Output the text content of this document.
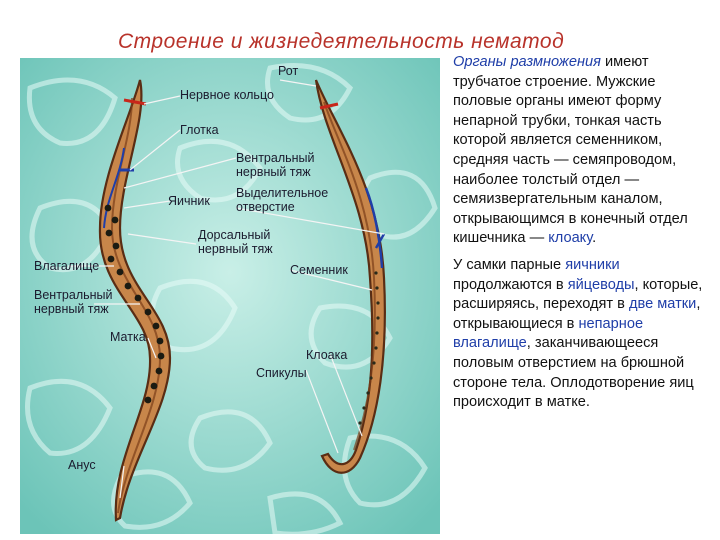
Строение и жизнедеятельность нематод
Рот
Нервное кольцо
Глотка
Вентральный нервный тяж
Яичник
Выделительное отверстие
Дорсальный нервный тяж
Влагалище	Семенник
Вентральный нервный тяж
Матка
Клоака
Спикулы
Анус

Органы размножения имеют трубчатое строение. Мужские половые органы имеют форму непарной трубки, тонкая часть которой является семенником, средняя часть — семяпроводом, наиболее толстый отдел — семяизвергательным каналом, открывающимся в конечный отдел кишечника — клоаку.

У самки парные яичники продолжаются в яйцеводы, которые, расширяясь, переходят в две матки, открывающиеся в непарное влагалище, заканчивающееся половым отверстием на брюшной стороне тела. Оплодотворение яиц происходит в матке.
